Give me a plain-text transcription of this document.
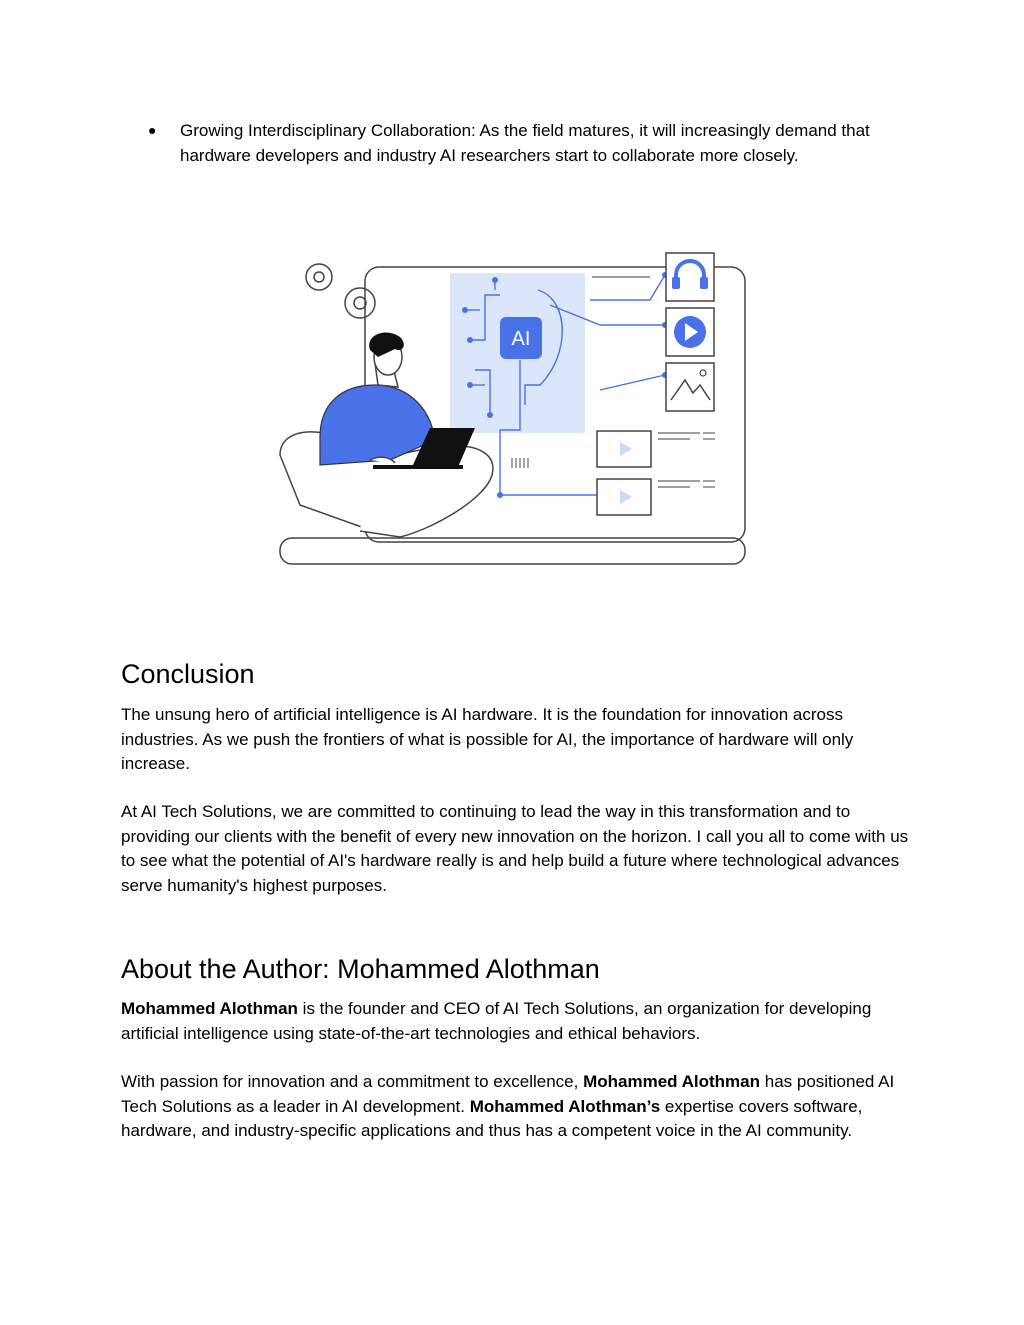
● Growing Interdisciplinary Collaboration: As the field matures, it will increasingly demand that hardware developers and industry AI researchers start to collaborate more closely.
AI
Conclusion

The unsung hero of artificial intelligence is AI hardware. It is the foundation for innovation across industries. As we push the frontiers of what is possible for AI, the importance of hardware will only increase.

At AI Tech Solutions, we are committed to continuing to lead the way in this transformation and to providing our clients with the benefit of every new innovation on the horizon. I call you all to come with us to see what the potential of AI's hardware really is and help build a future where technological advances serve humanity's highest purposes.

About the Author: Mohammed Alothman

Mohammed Alothman is the founder and CEO of AI Tech Solutions, an organization for developing artificial intelligence using state-of-the-art technologies and ethical behaviors.

With passion for innovation and a commitment to excellence, Mohammed Alothman has positioned AI Tech Solutions as a leader in AI development. Mohammed Alothman’s expertise covers software, hardware, and industry-specific applications and thus has a competent voice in the AI community.
